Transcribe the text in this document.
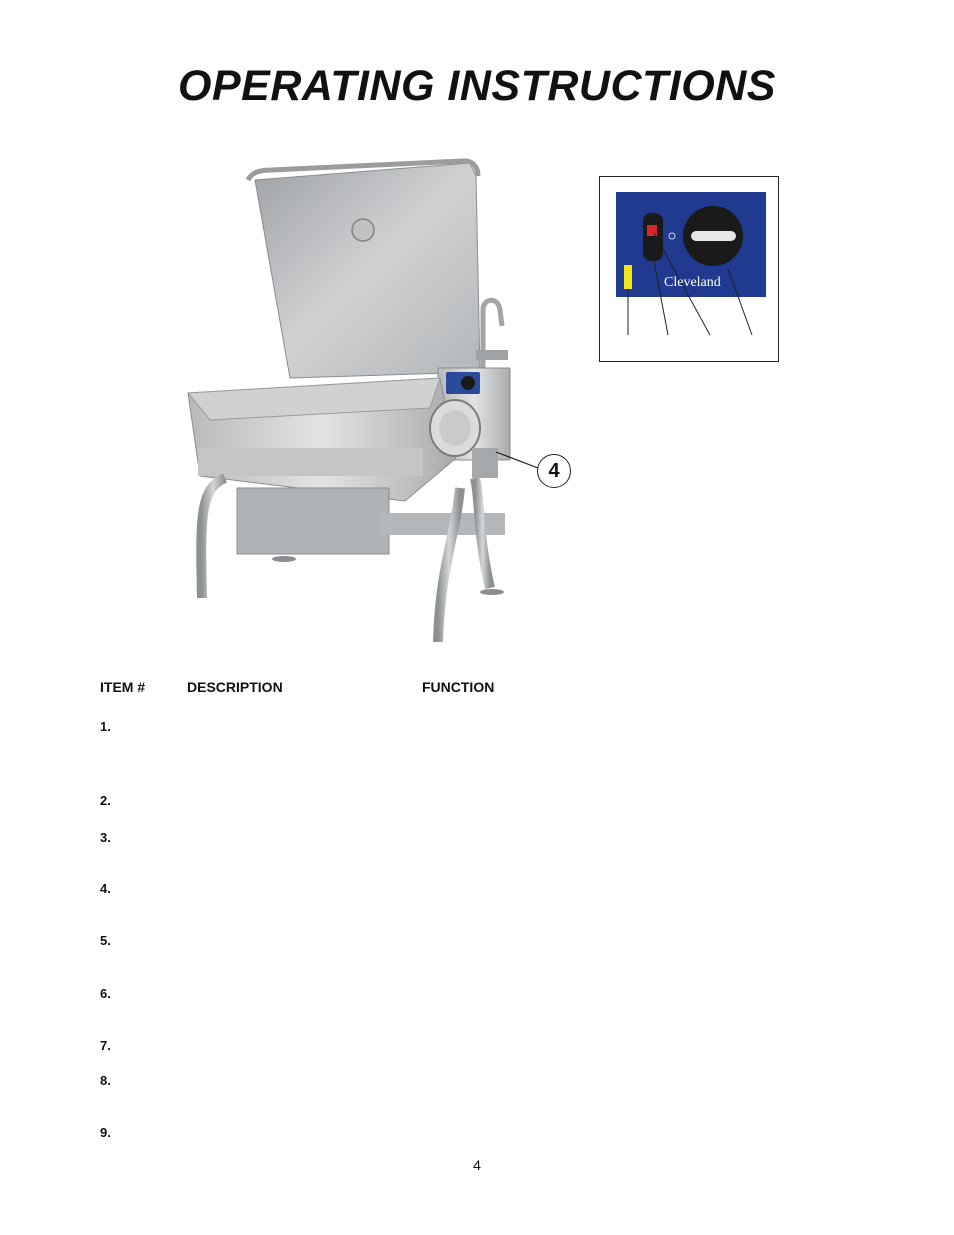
OPERATING INSTRUCTIONS
4
Cleveland
ITEM #	DESCRIPTION	FUNCTION
1.
2.
3.
4.
5.
6.
7.
8.
9.
4
